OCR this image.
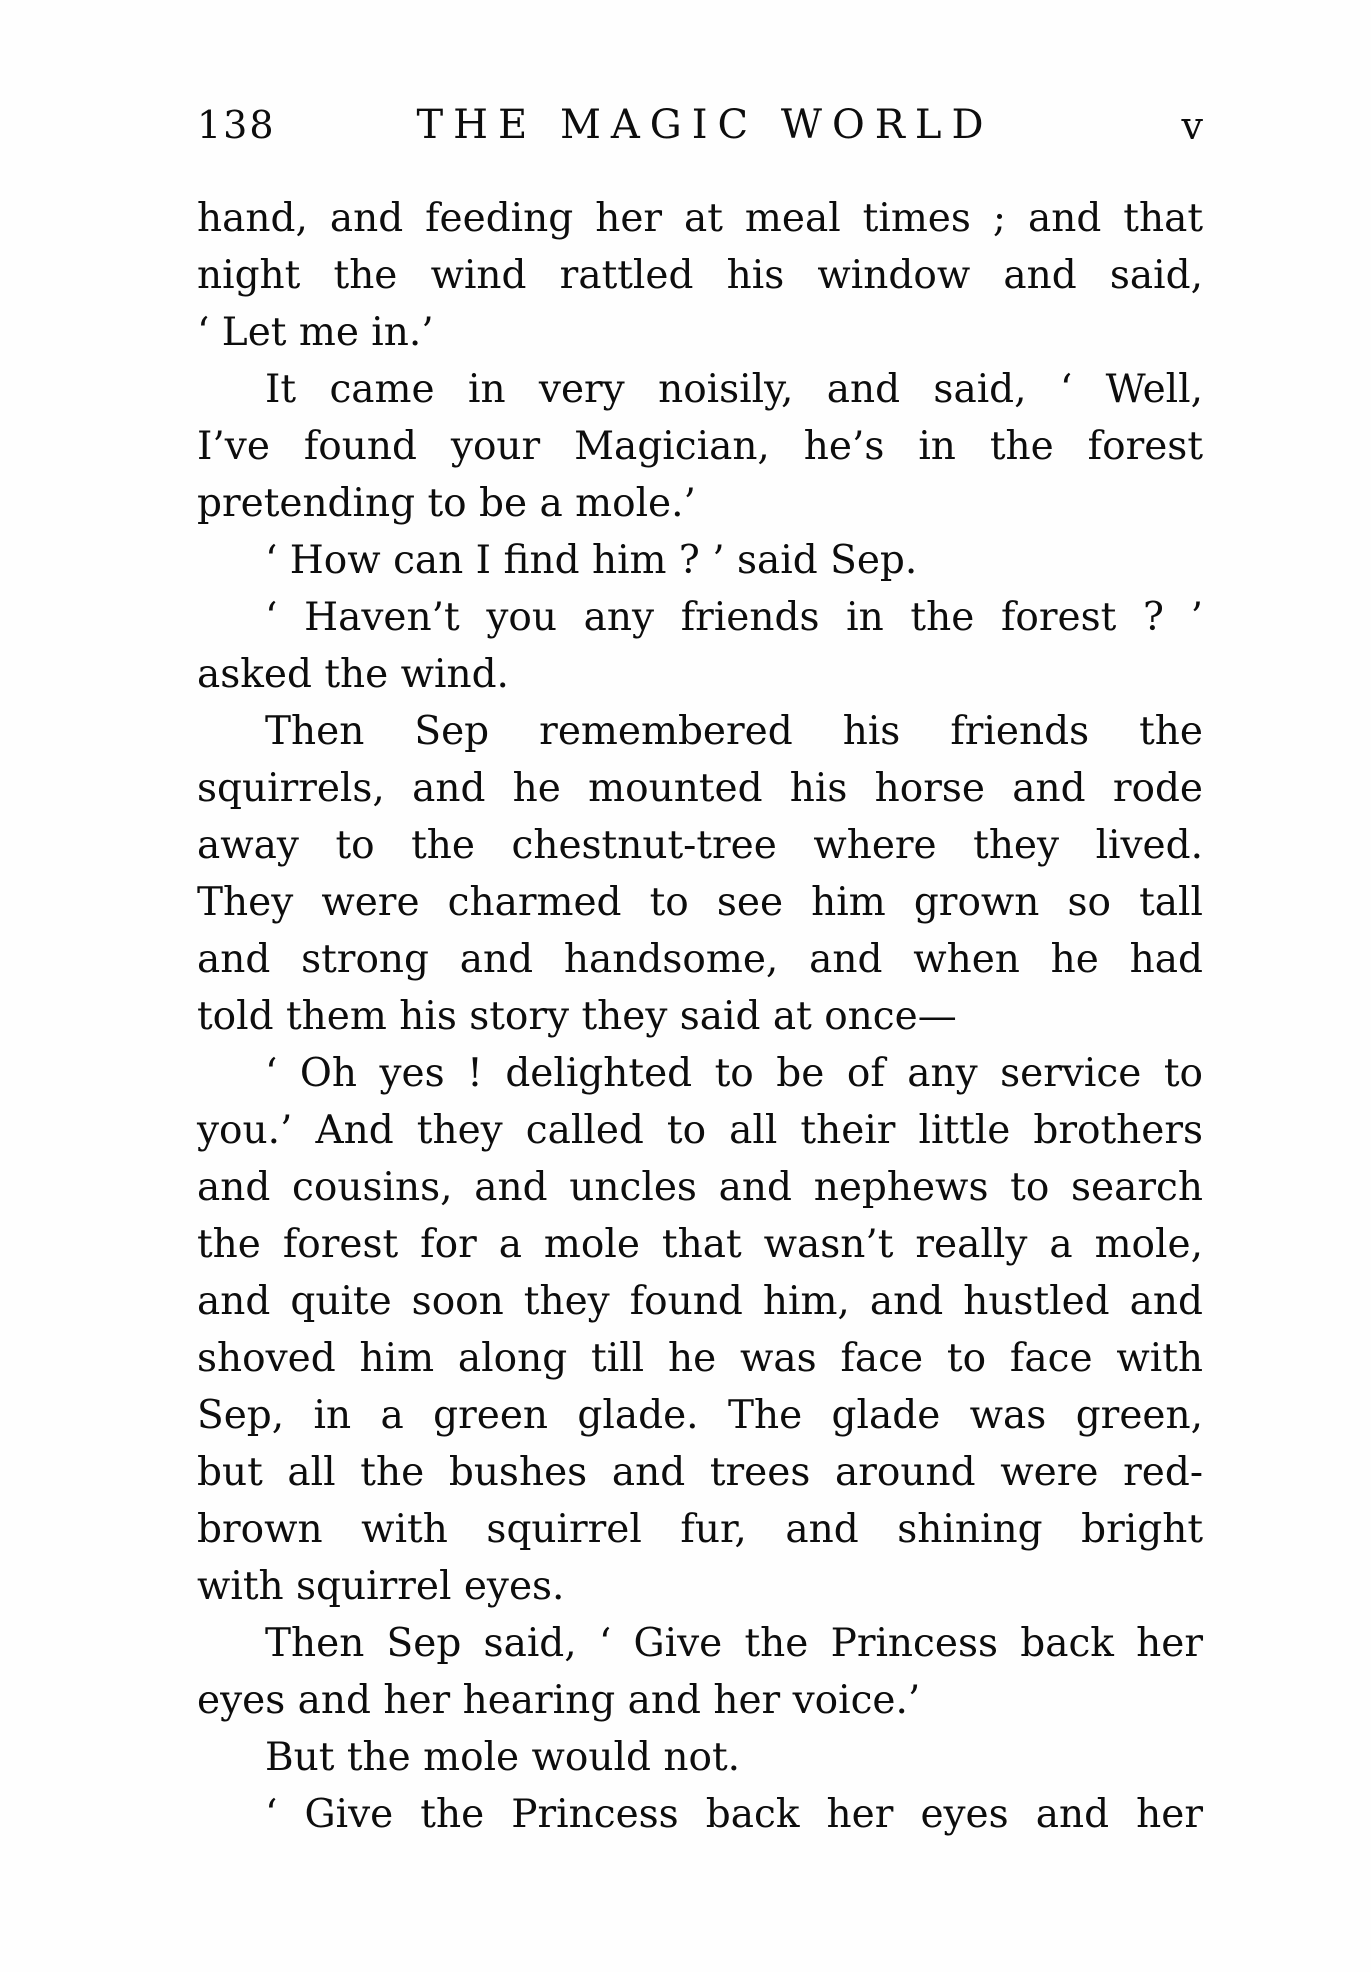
138	THE MAGIC WORLD	v
hand, and feeding her at meal times ; and that
night the wind rattled his window and said,
‘ Let me in.’
It came in very noisily, and said, ‘ Well,
I’ve found your Magician, he’s in the forest
pretending to be a mole.’
‘ How can I find him ? ’ said Sep.
‘ Haven’t you any friends in the forest ? ’
asked the wind.
Then Sep remembered his friends the
squirrels, and he mounted his horse and rode
away to the chestnut-tree where they lived.
They were charmed to see him grown so tall
and strong and handsome, and when he had
told them his story they said at once—
‘ Oh yes ! delighted to be of any service to
you.’ And they called to all their little brothers
and cousins, and uncles and nephews to search
the forest for a mole that wasn’t really a mole,
and quite soon they found him, and hustled and
shoved him along till he was face to face with
Sep, in a green glade. The glade was green,
but all the bushes and trees around were red-
brown with squirrel fur, and shining bright
with squirrel eyes.
Then Sep said, ‘ Give the Princess back her
eyes and her hearing and her voice.’
But the mole would not.
‘ Give the Princess back her eyes and her
